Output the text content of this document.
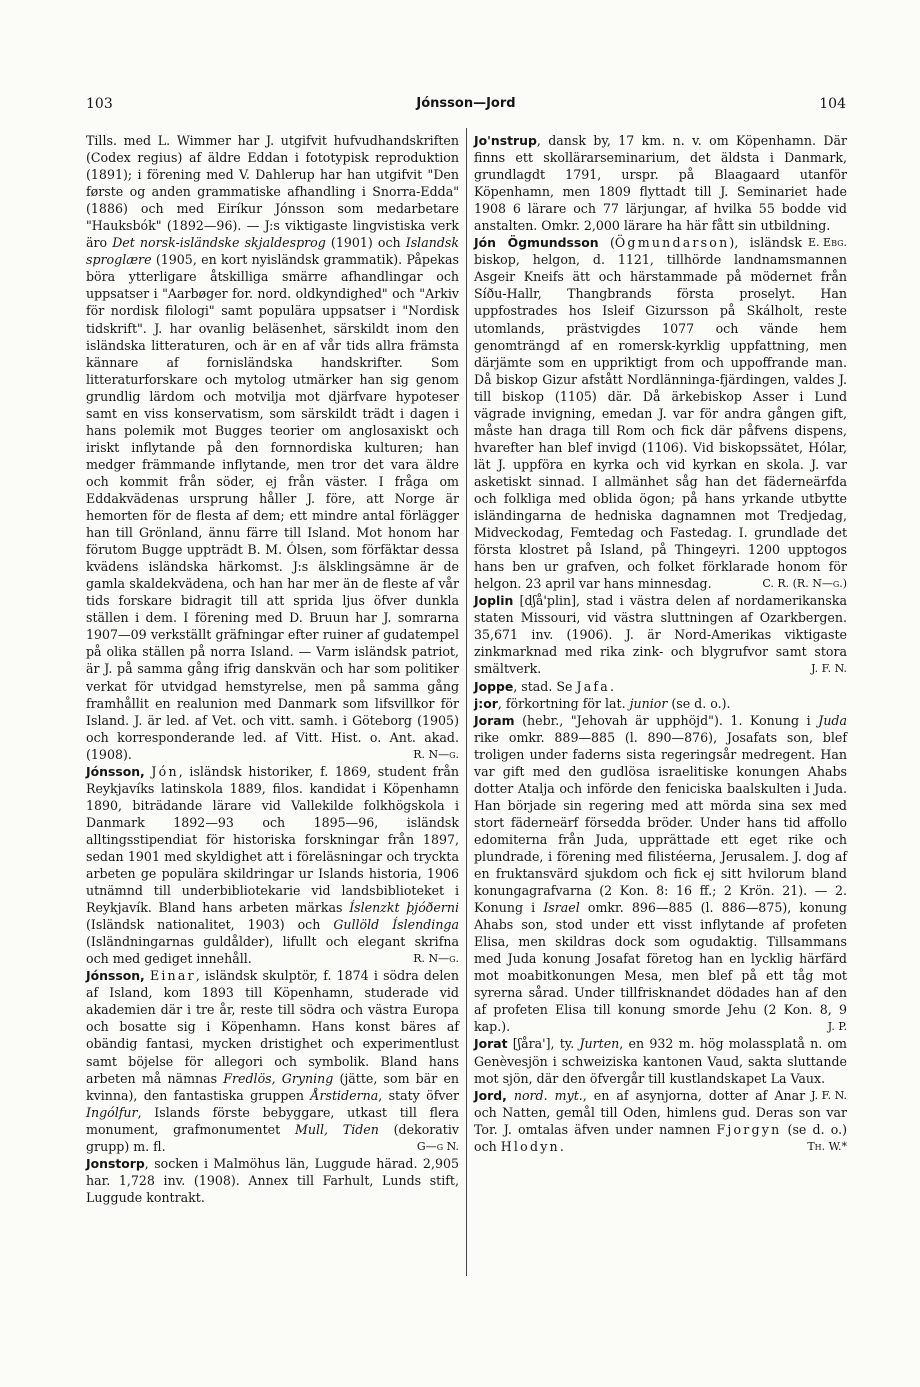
103	Jónsson—Jord	104

Tills. med L. Wimmer har J. utgifvit hufvudhandskriften (Codex regius) af äldre Eddan i fototypisk reproduktion (1891); i förening med V. Dahlerup har han utgifvit "Den første og anden grammatiske afhandling i Snorra-Edda" (1886) och med Eiríkur Jónsson som medarbetare "Hauksbók" (1892—96). — J:s viktigaste lingvistiska verk äro Det norsk-isländske skjaldesprog (1901) och Islandsk sproglære (1905, en kort nyisländsk grammatik). Påpekas böra ytterligare åtskilliga smärre afhandlingar och uppsatser i "Aarbøger for. nord. oldkyndighed" och "Arkiv för nordisk filologi" samt populära uppsatser i "Nordisk tidskrift". J. har ovanlig beläsenhet, särskildt inom den isländska litteraturen, och är en af vår tids allra främsta kännare af fornisländska handskrifter. Som litteraturforskare och mytolog utmärker han sig genom grundlig lärdom och motvilja mot djärfvare hypoteser samt en viss konservatism, som särskildt trädt i dagen i hans polemik mot Bugges teorier om anglosaxiskt och iriskt inflytande på den fornnordiska kulturen; han medger främmande inflytande, men tror det vara äldre och kommit från söder, ej från väster. I fråga om Eddakvädenas ursprung håller J. före, att Norge är hemorten för de flesta af dem; ett mindre antal förlägger han till Grönland, ännu färre till Island. Mot honom har förutom Bugge uppträdt B. M. Ólsen, som förfäktar dessa kvädens isländska härkomst. J:s älsklingsämne är de gamla skaldekvädena, och han har mer än de fleste af vår tids forskare bidragit till att sprida ljus öfver dunkla ställen i dem. I förening med D. Bruun har J. somrarna 1907—09 verkställt gräfningar efter ruiner af gudatempel på olika ställen på norra Island. — Varm isländsk patriot, är J. på samma gång ifrig danskvän och har som politiker verkat för utvidgad hemstyrelse, men på samma gång framhållit en realunion med Danmark som lifsvillkor för Island. J. är led. af Vet. och vitt. samh. i Göteborg (1905) och korresponderande led. af Vitt. Hist. o. Ant. akad. (1908).	R. N—g.

Jónsson, Jón, isländsk historiker, f. 1869, student från Reykjavíks latinskola 1889, filos. kandidat i Köpenhamn 1890, biträdande lärare vid Vallekilde folkhögskola i Danmark 1892—93 och 1895—96, isländsk alltingsstipendiat för historiska forskningar från 1897, sedan 1901 med skyldighet att i föreläsningar och tryckta arbeten ge populära skildringar ur Islands historia, 1906 utnämnd till underbibliotekarie vid landsbiblioteket i Reykjavík. Bland hans arbeten märkas Íslenzkt þjóðerni (Isländsk nationalitet, 1903) och Gullöld Íslendinga (Isländningarnas guldålder), lifullt och elegant skrifna och med gediget innehåll.	R. N—g.

Jónsson, Einar, isländsk skulptör, f. 1874 i södra delen af Island, kom 1893 till Köpenhamn, studerade vid akademien där i tre år, reste till södra och västra Europa och bosatte sig i Köpenhamn. Hans konst bäres af obändig fantasi, mycken dristighet och experimentlust samt böjelse för allegori och symbolik. Bland hans arbeten må nämnas Fredlös, Gryning (jätte, som bär en kvinna), den fantastiska gruppen Årstiderna, staty öfver Ingólfur, Islands förste bebyggare, utkast till flera monument, grafmonumentet Mull, Tiden (dekorativ grupp) m. fl.	G—g N.

Jonstorp, socken i Malmöhus län, Luggude härad. 2,905 har. 1,728 inv. (1908). Annex till Farhult, Lunds stift, Luggude kontrakt.

Jo'nstrup, dansk by, 17 km. n. v. om Köpenhamn. Där finns ett skollärarseminarium, det äldsta i Danmark, grundlagdt 1791, urspr. på Blaagaard utanför Köpenhamn, men 1809 flyttadt till J. Seminariet hade 1908 6 lärare och 77 lärjungar, af hvilka 55 bodde vid anstalten. Omkr. 2,000 lärare ha här fått sin utbildning.
E. Ebg.

Jón Ögmundsson (Ögmundarson), isländsk biskop, helgon, d. 1121, tillhörde landnamsmannen Asgeir Kneifs ätt och härstammade på mödernet från Síðu-Hallr, Thangbrands första proselyt. Han uppfostrades hos Isleif Gizursson på Skálholt, reste utomlands, prästvigdes 1077 och vände hem genomträngd af en romersk-kyrklig uppfattning, men därjämte som en uppriktigt from och uppoffrande man. Då biskop Gizur afstått Nordlänninga-fjärdingen, valdes J. till biskop (1105) där. Då ärkebiskop Asser i Lund vägrade invigning, emedan J. var för andra gången gift, måste han draga till Rom och fick där påfvens dispens, hvarefter han blef invigd (1106). Vid biskopssätet, Hólar, lät J. uppföra en kyrka och vid kyrkan en skola. J. var asketiskt sinnad. I allmänhet såg han det fäderneärfda och folkliga med oblida ögon; på hans yrkande utbytte isländingarna de hedniska dagnamnen mot Tredjedag, Midveckodag, Femtedag och Fastedag. I. grundlade det första klostret på Island, på Thingeyri. 1200 upptogos hans ben ur grafven, och folket förklarade honom för helgon. 23 april var hans minnesdag.	C. R. (R. N—g.)

Joplin [dʃå'plin], stad i västra delen af nordamerikanska staten Missouri, vid västra sluttningen af Ozarkbergen. 35,671 inv. (1906). J. är Nord-Amerikas viktigaste zinkmarknad med rika zink- och blygrufvor samt stora smältverk.	J. F. N.

Joppe, stad. Se Jafa.

j:or, förkortning för lat. junior (se d. o.).

Joram (hebr., "Jehovah är upphöjd"). 1. Konung i Juda rike omkr. 889—885 (l. 890—876), Josafats son, blef troligen under faderns sista regeringsår medregent. Han var gift med den gudlösa israelitiske konungen Ahabs dotter Atalja och införde den feniciska baalskulten i Juda. Han började sin regering med att mörda sina sex med stort fäderneärf försedda bröder. Under hans tid affollo edomiterna från Juda, upprättade ett eget rike och plundrade, i förening med filistéerna, Jerusalem. J. dog af en fruktansvärd sjukdom och fick ej sitt hvilorum bland konungagrafvarna (2 Kon. 8: 16 ff.; 2 Krön. 21). — 2. Konung i Israel omkr. 896—885 (l. 886—875), konung Ahabs son, stod under ett visst inflytande af profeten Elisa, men skildras dock som ogudaktig. Tillsammans med Juda konung Josafat företog han en lycklig härfärd mot moabitkonungen Mesa, men blef på ett tåg mot syrerna sårad. Under tillfrisknandet dödades han af den af profeten Elisa till konung smorde Jehu (2 Kon. 8, 9 kap.).	J. P.

Jorat [ʃåra'], ty. Jurten, en 932 m. hög molassplatå n. om Genèvesjön i schweiziska kantonen Vaud, sakta sluttande mot sjön, där den öfvergår till kustlandskapet La Vaux.
J. F. N.

Jord, nord. myt., en af asynjorna, dotter af Anar och Natten, gemål till Oden, himlens gud. Deras son var Tor. J. omtalas äfven under namnen Fjorgyn (se d. o.) och Hlodyn.	Th. W.*
